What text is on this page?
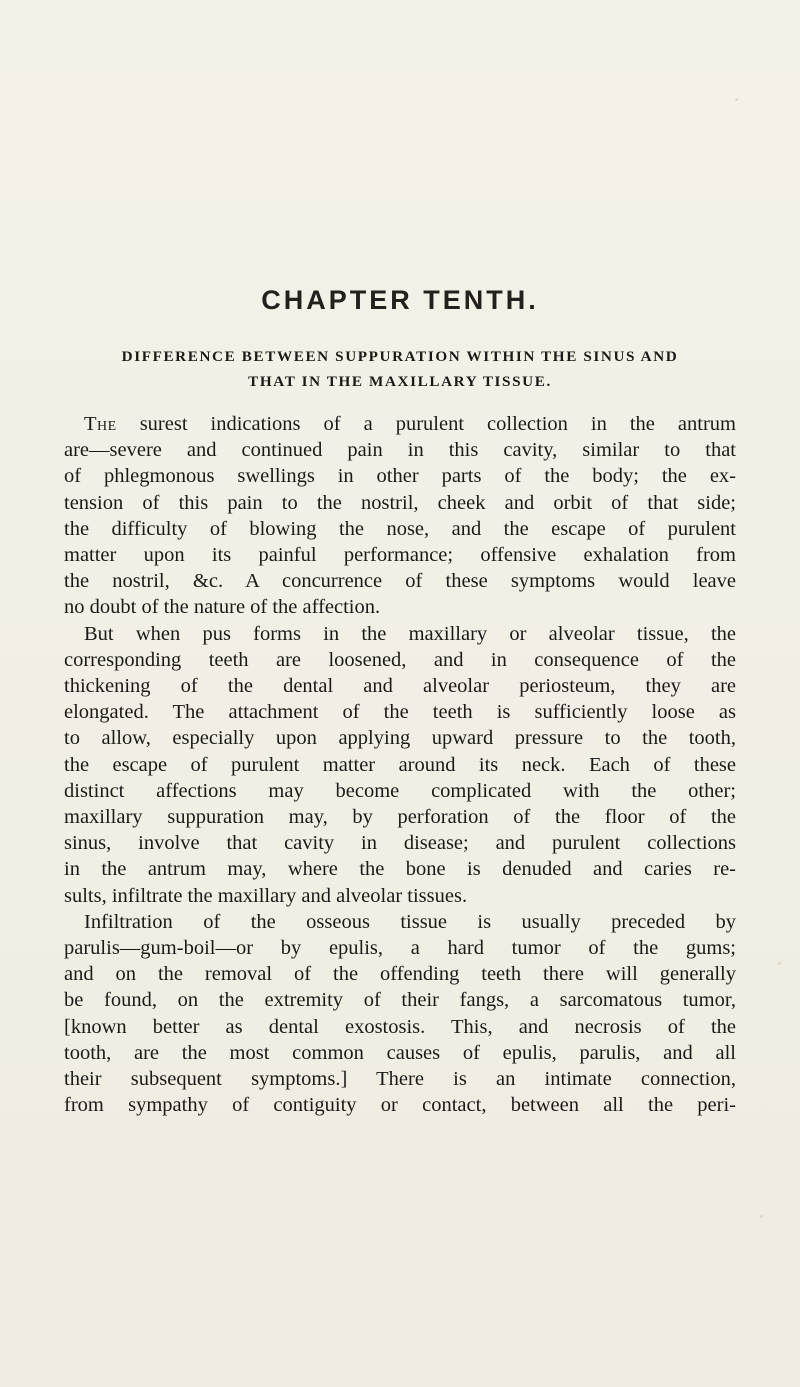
CHAPTER TENTH.
DIFFERENCE BETWEEN SUPPURATION WITHIN THE SINUS AND
THAT IN THE MAXILLARY TISSUE.
The surest indications of a purulent collection in the antrum
are—severe and continued pain in this cavity, similar to that
of phlegmonous swellings in other parts of the body; the ex-
tension of this pain to the nostril, cheek and orbit of that side;
the difficulty of blowing the nose, and the escape of purulent
matter upon its painful performance; offensive exhalation from
the nostril, &c. A concurrence of these symptoms would leave
no doubt of the nature of the affection.
But when pus forms in the maxillary or alveolar tissue, the
corresponding teeth are loosened, and in consequence of the
thickening of the dental and alveolar periosteum, they are
elongated. The attachment of the teeth is sufficiently loose as
to allow, especially upon applying upward pressure to the tooth,
the escape of purulent matter around its neck. Each of these
distinct affections may become complicated with the other;
maxillary suppuration may, by perforation of the floor of the
sinus, involve that cavity in disease; and purulent collections
in the antrum may, where the bone is denuded and caries re-
sults, infiltrate the maxillary and alveolar tissues.
Infiltration of the osseous tissue is usually preceded by
parulis—gum-boil—or by epulis, a hard tumor of the gums;
and on the removal of the offending teeth there will generally
be found, on the extremity of their fangs, a sarcomatous tumor,
[known better as dental exostosis. This, and necrosis of the
tooth, are the most common causes of epulis, parulis, and all
their subsequent symptoms.] There is an intimate connection,
from sympathy of contiguity or contact, between all the peri-
